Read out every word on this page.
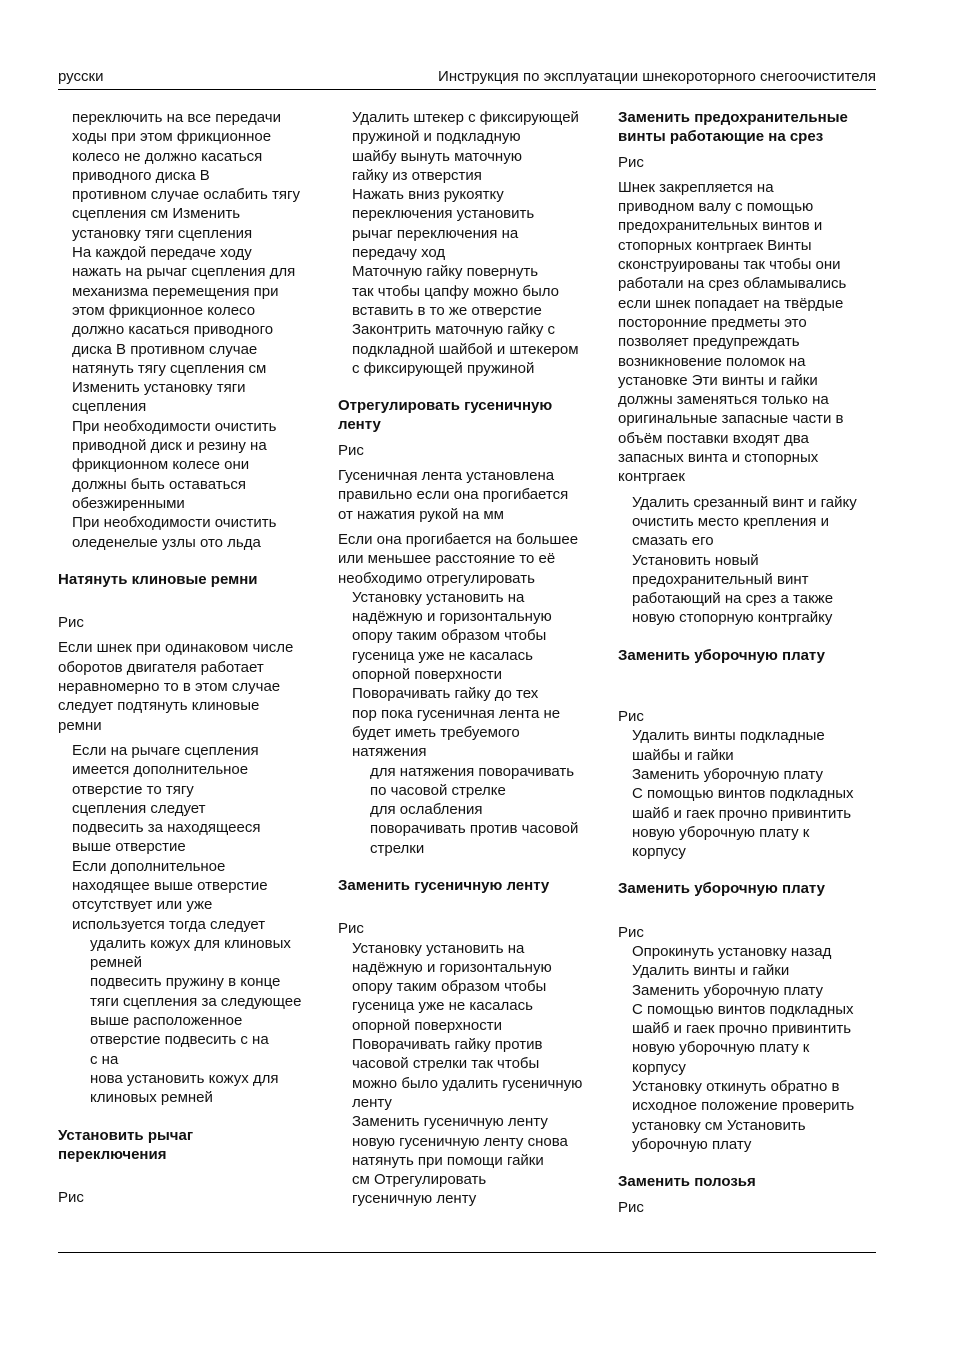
русски	Инструкция по эксплуатации шнекороторного снегоочистителя

переключить на все передачи
ходы при этом фрикционное
колесо не должно касаться
приводного диска В
противном случае ослабить тягу
сцепления см Изменить
установку тяги сцепления

На каждой передаче ходу
нажать на рычаг сцепления для
механизма перемещения при
этом фрикционное колесо
должно касаться приводного
диска В противном случае
натянуть тягу сцепления см
Изменить установку тяги
сцепления

При необходимости очистить
приводной диск и резину на
фрикционном колесе они
должны быть оставаться
обезжиренными

При необходимости очистить
оледенелые узлы ото льда

Натянуть клиновые ремни

Рис

Если шнек при одинаковом числе
оборотов двигателя работает
неравномерно то в этом случае
следует подтянуть клиновые
ремни

Если на рычаге сцепления
имеется дополнительное
отверстие то тягу
сцепления следует
подвесить за находящееся
выше отверстие

Если дополнительное
находящее выше отверстие
отсутствует или уже
используется тогда следует

удалить кожух для клиновых
ремней

подвесить пружину в конце
тяги сцепления за следующее
выше расположенное
отверстие подвесить с на
с на

нова установить кожух для
клиновых ремней

Установить рычаг
переключения

Рис

Удалить штекер с фиксирующей
пружиной и подкладную
шайбу вынуть маточную
гайку из отверстия

Нажать вниз рукоятку
переключения установить
рычаг переключения на
передачу ход

Маточную гайку повернуть
так чтобы цапфу можно было
вставить в то же отверстие

Законтрить маточную гайку с
подкладной шайбой и штекером
с фиксирующей пружиной

Отрегулировать гусеничную
ленту

Рис

Гусеничная лента установлена
правильно если она прогибается
от нажатия рукой на мм

Если она прогибается на большее
или меньшее расстояние то её
необходимо отрегулировать

Установку установить на
надёжную и горизонтальную
опору таким образом чтобы
гусеница уже не касалась
опорной поверхности

Поворачивать гайку до тех
пор пока гусеничная лента не
будет иметь требуемого
натяжения

для натяжения поворачивать
по часовой стрелке

для ослабления
поворачивать против часовой
стрелки

Заменить гусеничную ленту

Рис

Установку установить на
надёжную и горизонтальную
опору таким образом чтобы
гусеница уже не касалась
опорной поверхности

Поворачивать гайку против
часовой стрелки так чтобы
можно было удалить гусеничную
ленту

Заменить гусеничную ленту
новую гусеничную ленту снова
натянуть при помощи гайки
см Отрегулировать
гусеничную ленту

Заменить предохранительные
винты работающие на срез

Рис

Шнек закрепляется на
приводном валу с помощью
предохранительных винтов и
стопорных контргаек Винты
сконструированы так чтобы они
работали на срез обламывались
если шнек попадает на твёрдые
посторонние предметы это
позволяет предупреждать
возникновение поломок на
установке Эти винты и гайки
должны заменяться только на
оригинальные запасные части в
объём поставки входят два
запасных винта и стопорных
контргаек

Удалить срезанный винт и гайку
очистить место крепления и
смазать его

Установить новый
предохранительный винт
работающий на срез а также
новую стопорную контргайку

Заменить уборочную плату

Рис

Удалить винты подкладные
шайбы и гайки

Заменить уборочную плату

С помощью винтов подкладных
шайб и гаек прочно привинтить
новую уборочную плату к
корпусу

Заменить уборочную плату

Рис

Опрокинуть установку назад

Удалить винты и гайки

Заменить уборочную плату

С помощью винтов подкладных
шайб и гаек прочно привинтить
новую уборочную плату к
корпусу

Установку откинуть обратно в
исходное положение проверить
установку см Установить
уборочную плату

Заменить полозья

Рис
